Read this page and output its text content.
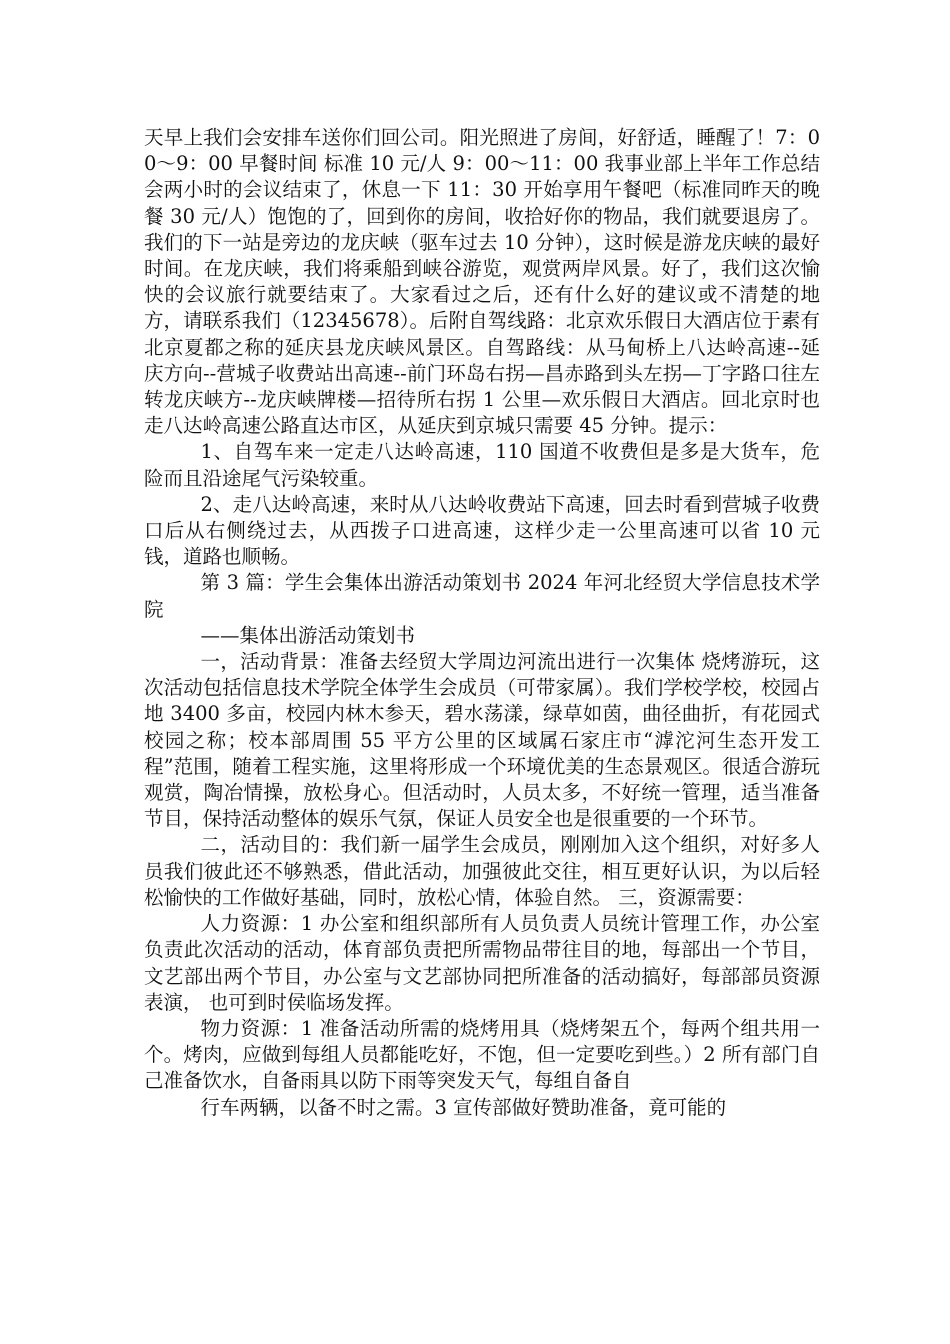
天早上我们会安排车送你们回公司。阳光照进了房间，好舒适，睡醒了！7：00～9：00 早餐时间 标准 10 元/人 9：00～11：00 我事业部上半年工作总结会两小时的会议结束了，休息一下 11：30 开始享用午餐吧（标准同昨天的晚餐 30 元/人）饱饱的了，回到你的房间，收拾好你的物品，我们就要退房了。我们的下一站是旁边的龙庆峡（驱车过去 10 分钟），这时候是游龙庆峡的最好时间。在龙庆峡，我们将乘船到峡谷游览，观赏两岸风景。好了，我们这次愉快的会议旅行就要结束了。大家看过之后，还有什么好的建议或不清楚的地方，请联系我们（12345678）。后附自驾线路：北京欢乐假日大酒店位于素有北京夏都之称的延庆县龙庆峡风景区。自驾路线：从马甸桥上八达岭高速--延庆方向--营城子收费站出高速--前门环岛右拐—昌赤路到头左拐—丁字路口往左转龙庆峡方--龙庆峡牌楼—招待所右拐 1 公里—欢乐假日大酒店。回北京时也走八达岭高速公路直达市区，从延庆到京城只需要 45 分钟。提示：

1、自驾车来一定走八达岭高速，110 国道不收费但是多是大货车，危险而且沿途尾气污染较重。

2、走八达岭高速，来时从八达岭收费站下高速，回去时看到营城子收费口后从右侧绕过去，从西拨子口进高速，这样少走一公里高速可以省 10 元钱，道路也顺畅。

第 3 篇：学生会集体出游活动策划书 2024 年河北经贸大学信息技术学院

——集体出游活动策划书

一，活动背景：准备去经贸大学周边河流出进行一次集体 烧烤游玩，这次活动包括信息技术学院全体学生会成员（可带家属）。我们学校学校，校园占地 3400 多亩，校园内林木参天，碧水荡漾，绿草如茵，曲径曲折，有花园式校园之称；校本部周围 55 平方公里的区域属石家庄市“滹沱河生态开发工程”范围，随着工程实施，这里将形成一个环境优美的生态景观区。很适合游玩观赏，陶冶情操，放松身心。但活动时，人员太多，不好统一管理，适当准备节目，保持活动整体的娱乐气氛，保证人员安全也是很重要的一个环节。

二，活动目的：我们新一届学生会成员，刚刚加入这个组织，对好多人员我们彼此还不够熟悉，借此活动，加强彼此交往，相互更好认识，为以后轻松愉快的工作做好基础，同时，放松心情，体验自然。 三，资源需要：

人力资源：1 办公室和组织部所有人员负责人员统计管理工作，办公室负责此次活动的活动，体育部负责把所需物品带往目的地，每部出一个节目，文艺部出两个节目，办公室与文艺部协同把所准备的活动搞好，每部部员资源表演， 也可到时侯临场发挥。

物力资源：1 准备活动所需的烧烤用具（烧烤架五个，每两个组共用一个。烤肉，应做到每组人员都能吃好，不饱，但一定要吃到些。）2 所有部门自己准备饮水，自备雨具以防下雨等突发天气，每组自备自

行车两辆，以备不时之需。3 宣传部做好赞助准备，竟可能的
